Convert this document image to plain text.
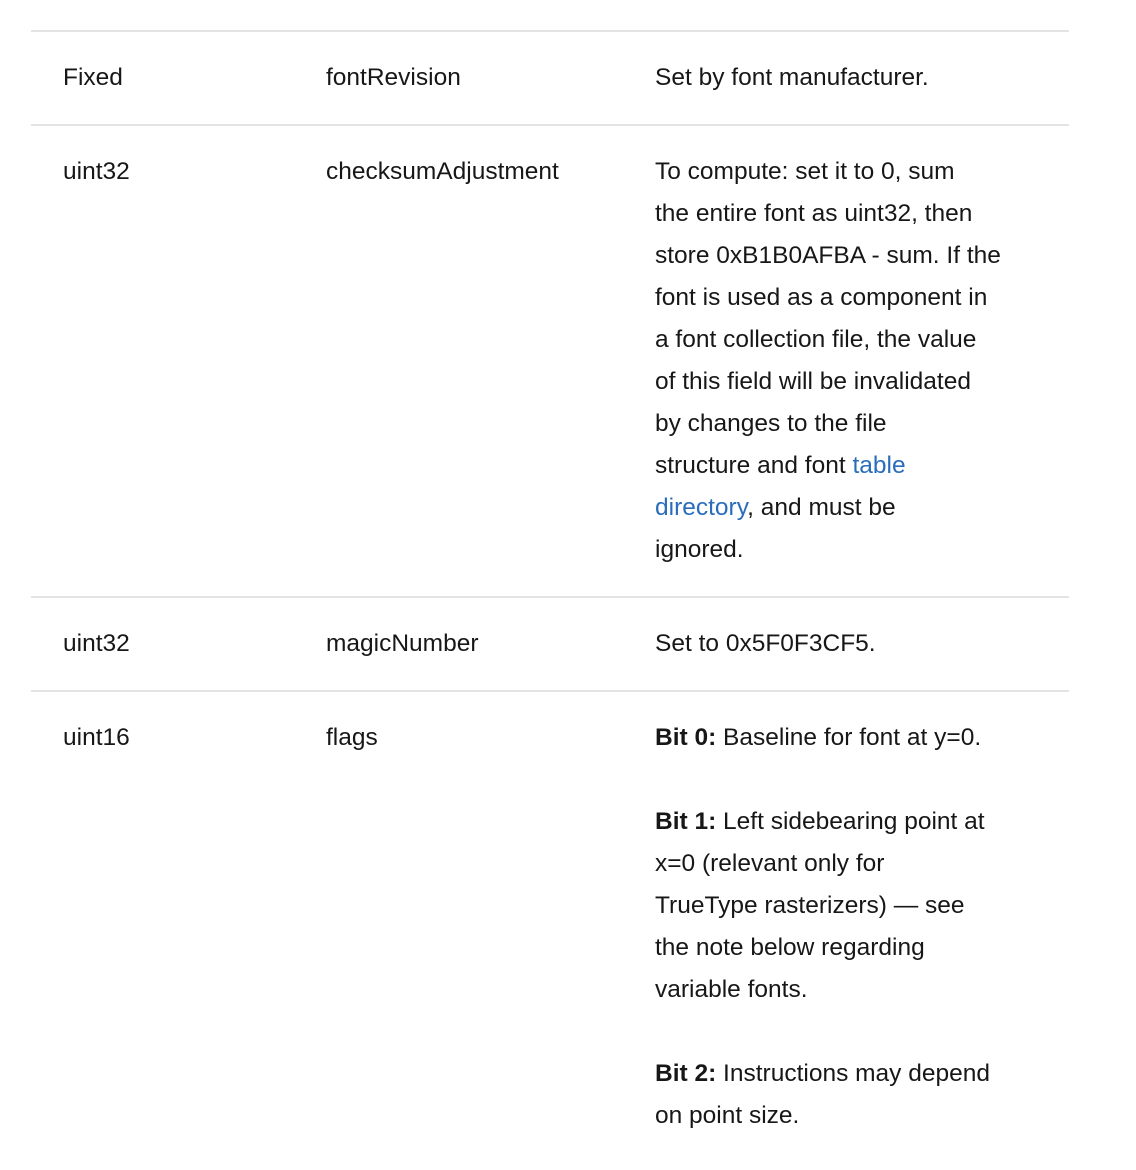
Fixed	fontRevision	Set by font manufacturer.
uint32	checksumAdjustment	To compute: set it to 0, sum
the entire font as uint32, then
store 0xB1B0AFBA - sum. If the
font is used as a component in
a font collection file, the value
of this field will be invalidated
by changes to the file
structure and font table
directory, and must be
ignored.
uint32	magicNumber	Set to 0x5F0F3CF5.
uint16	flags	Bit 0: Baseline for font at y=0.
Bit 1: Left sidebearing point at
x=0 (relevant only for
TrueType rasterizers) — see
the note below regarding
variable fonts.
Bit 2: Instructions may depend
on point size.
